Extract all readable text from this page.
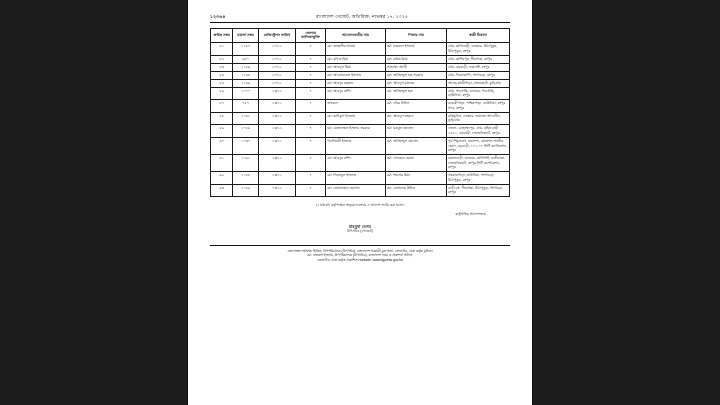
১২৩৬৪	বাংলাদেশ গেজেট, অতিরিক্ত, নভেম্বর ১৭, ২০২৫
ক্রমিক নম্বর	মামলা নম্বর	রেজিস্ট্রেশন তারিখ	জেলার তালিকাভুক্তি	আবেদনকারীর নাম	পিতার নাম	স্থায়ী ঠিকানা
৮১	১১৮৭	১০/১১	৭	মো: জাহাঙ্গীর আলম	মো: নজরুল ইসলাম	গ্রাম- কালিবাড়ী, ডাকঘর- মিঠাপুকুর, মিঠাপুকুর, রংপুর
৮২	৯৮০	১০/১১	৭	মো: রফিক মিয়া	মো: করিম মিয়া	গ্রাম- কাশিমপুর, পীরগাছা, রংপুর
৮৩	১১৫৬	১০/১১	৭	মো: আবদুল মিয়া	আহাম্মদ আলী	গ্রাম- বড়বাড়ী, বদরগঞ্জ, রংপুর
৮৪	১১৪৮	১০/১১	৭	মো: আনোয়ারুল ইসলাম	মো: আজিজুল হক সরকার	গ্রাম- দিঘলকান্দি, গংগাচড়া, রংপুর
৮৫	১১৪৯	১০/১১	৭	মো: আবদুর রহমান	মো: আবদুল মালেক	আলম মহুরীপাড়া, রাজারহাট, কুড়িগ্রাম
৮৬	১০০০	১৩/১১	৭	মো: আবদুর রশিদ	মো: আজিজুল হক	গ্রাম- পাচগাছি, ডাকঘর- পাচগাছি, কাউনিয়া, রংপুর
৮৭	৭৫৭	১৩/১১	৭	জহুরুল	মো: দবির উদ্দিন	কাচারীপাড়া, পশ্চিমপাড়া, কাউনিয়া, রংপুর সদর, রংপুর
৮৮	১০৪১	১৩/১১	৭	মো: ছাদিকুল ইসলাম	মো: আবদুল রহমান	রকিমুদ্দিন, ডাকঘর- জয়নাল আবেদীন, কুড়িগ্রাম
৮৯	১০৫৬	১৩/১১	৭	মো: মোজাম্মেল ইসলাম সরকার	মো: মকবুল হোসেন	জেলা- মোহাম্মদপুর, গ্রাম- মহিষ বাড়ী ২৪১১, বড়বাড়ী, লালমনিরহাট, রংপুর
৯০	১০৩৭	১৩/১১	৭	পাটোয়ারী ইসলাম	মো: আজিজুল হোসেন	পূর্ব শিমুলবাগ, মহানন্দা, মোহাম্মদ আলীর ছেলে, বড়বাড়ী, ১০-১০০ সিটি কর্পোরেশন, রংপুর
৯১	১০৯১	১৩/১১	৭	মো: আবদুর রশিদ	মো: সোবহান মোল্লা	কমলাবাড়ী, ডাকঘর- কালিগঞ্জ, হাতীবান্ধা, লালমনিরহাট, রংপুর সিটি কর্পোরেশন, রংপুর
৯২	১০৫৮	১৩/১১	৭	মো: সিরাজুল ইসলাম	মো: শমসের মিয়া	সরকারপাড়া, কাউনিয়া, গংগাচড়া, মিঠাপুকুর, রংপুর
৯৩	১০৫৯	০৩/১১	৭	মো: মোজাম্মেল হোসেন	মো: মোসলেম উদ্দিন	বাড়ী নং- পীরগাছা, মিঠাপুকুর, গংগাচড়া, রংপুর
২। যথাযথ কর্তৃপক্ষের অনুমোদনক্রমে এ আদেশ জারি করা হলো।
রাষ্ট্রপতির আদেশক্রমে
মাহমুদা বেগম
উপসচিব (গেজেট)
তোফাজ্জল আহম্মদ হিরিজ, উপপরিচালক (উপসচিব), বাংলাদেশ সরকারী মুদ্রণালয়, তেজগাঁও, ঢাকা কর্তৃক মুদ্রিত।
মো: নজরুল ইসলাম, উপপরিচালক (উপসচিব), বাংলাদেশ ফরম ও প্রকাশনা অফিস,
তেজগাঁও, ঢাকা কর্তৃক প্রকাশিত। website: www.bgpress.gov.bd
